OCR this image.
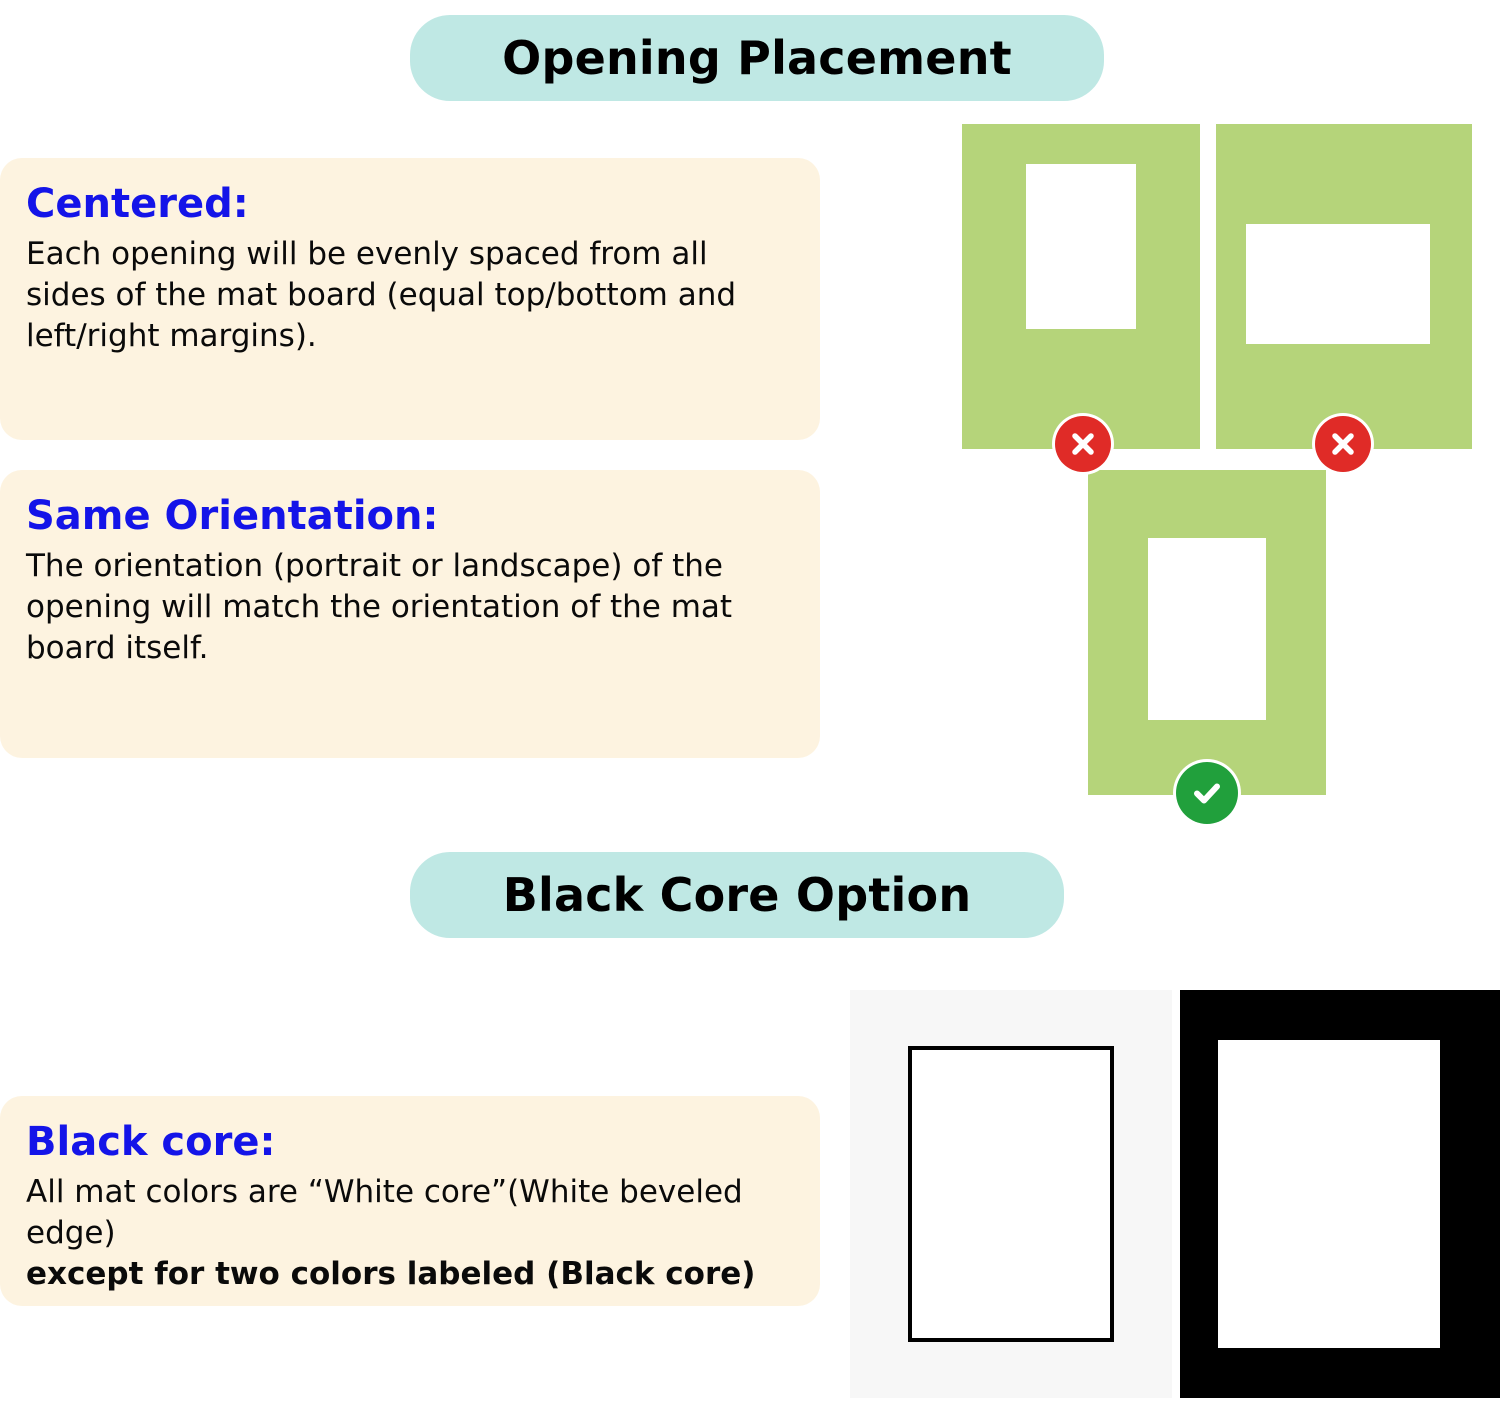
Opening Placement

Centered:

Each opening will be evenly spaced from all sides of the mat board (equal top/bottom and left/right margins).

Same Orientation:

The orientation (portrait or landscape) of the opening will match the orientation of the mat board itself.

Black Core Option

Black core:

All mat colors are “White core”(White beveled edge)

except for two colors labeled (Black core)
